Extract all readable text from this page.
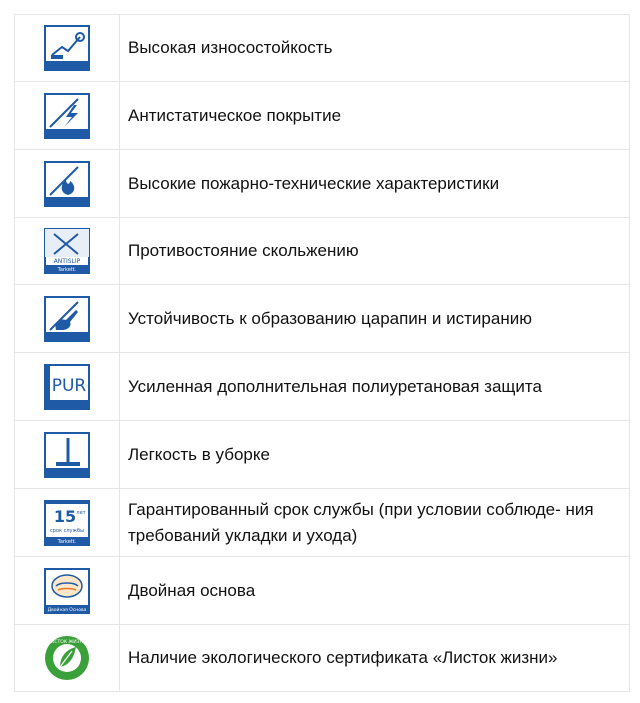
Высокая износостойкость
Антистатическое покрытие
Высокие пожарно-технические характеристики
ANTISLIP
Tarkett.
Противостояние скольжению
Устойчивость к образованию царапин и истиранию
PUR	Усиленная дополнительная полиуретановая защита
Легкость в уборке
15 лет
срок службы
Tarkett.
Гарантированный срок службы (при условии соблюде- ния требований укладки и ухода)
Двойная Основа
Двойная основа
ЛИСТОК ЖИЗНИ
Наличие экологического сертификата «Листок жизни»
